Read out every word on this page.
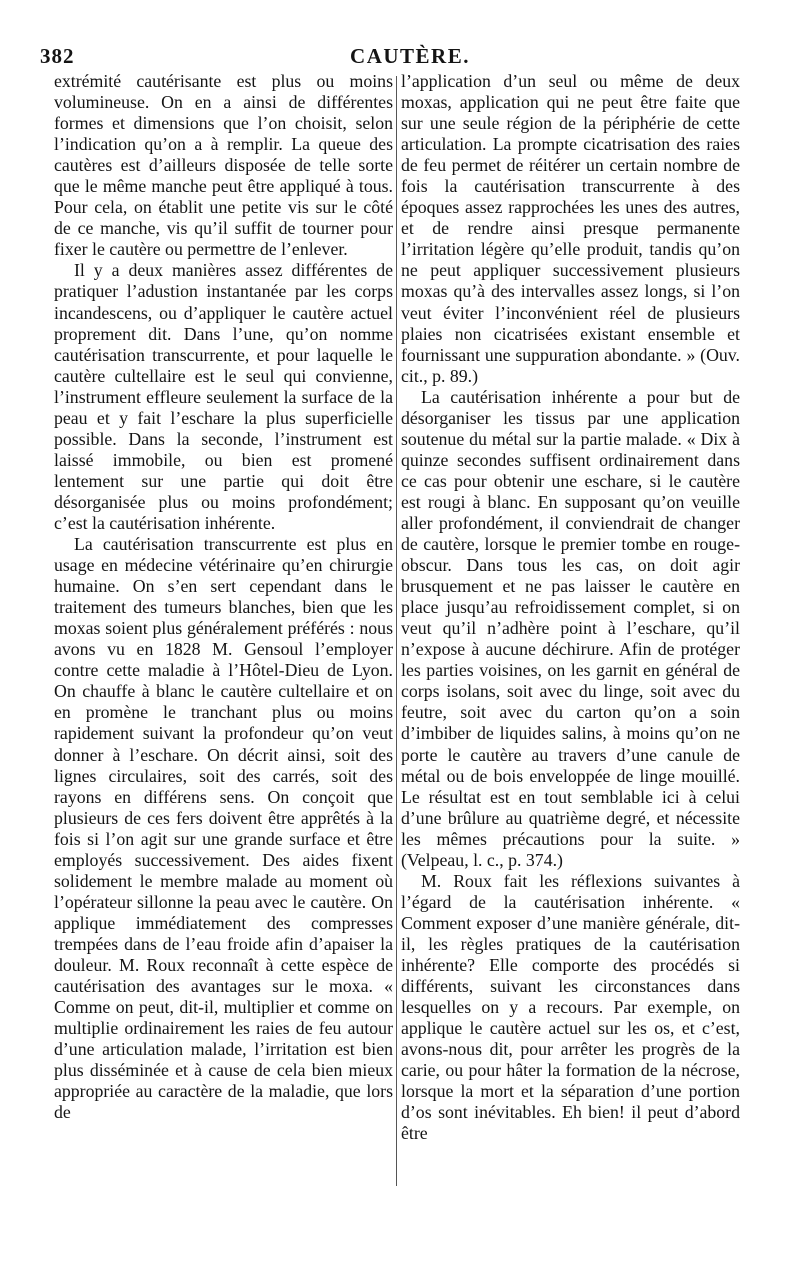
382	CAUTÈRE.

extrémité cautérisante est plus ou moins volumineuse. On en a ainsi de différentes formes et dimensions que l’on choisit, selon l’indication qu’on a à remplir. La queue des cautères est d’ailleurs disposée de telle sorte que le même manche peut être appliqué à tous. Pour cela, on établit une petite vis sur le côté de ce manche, vis qu’il suffit de tourner pour fixer le cautère ou permettre de l’enlever.

Il y a deux manières assez différentes de pratiquer l’adustion instantanée par les corps incandescens, ou d’appliquer le cautère actuel proprement dit. Dans l’une, qu’on nomme cautérisation transcurrente, et pour laquelle le cautère cultellaire est le seul qui convienne, l’instrument effleure seulement la surface de la peau et y fait l’eschare la plus superficielle possible. Dans la seconde, l’instrument est laissé immobile, ou bien est promené lentement sur une partie qui doit être désorganisée plus ou moins profondément; c’est la cautérisation inhérente.

La cautérisation transcurrente est plus en usage en médecine vétérinaire qu’en chirurgie humaine. On s’en sert cependant dans le traitement des tumeurs blanches, bien que les moxas soient plus généralement préférés : nous avons vu en 1828 M. Gensoul l’employer contre cette maladie à l’Hôtel-Dieu de Lyon. On chauffe à blanc le cautère cultellaire et on en promène le tranchant plus ou moins rapidement suivant la profondeur qu’on veut donner à l’eschare. On décrit ainsi, soit des lignes circulaires, soit des carrés, soit des rayons en différens sens. On conçoit que plusieurs de ces fers doivent être apprêtés à la fois si l’on agit sur une grande surface et être employés successivement. Des aides fixent solidement le membre malade au moment où l’opérateur sillonne la peau avec le cautère. On applique immédiatement des compresses trempées dans de l’eau froide afin d’apaiser la douleur. M. Roux reconnaît à cette espèce de cautérisation des avantages sur le moxa. « Comme on peut, dit-il, multiplier et comme on multiplie ordinairement les raies de feu autour d’une articulation malade, l’irritation est bien plus disséminée et à cause de cela bien mieux appropriée au caractère de la maladie, que lors de

l’application d’un seul ou même de deux moxas, application qui ne peut être faite que sur une seule région de la périphérie de cette articulation. La prompte cicatrisation des raies de feu permet de réitérer un certain nombre de fois la cautérisation transcurrente à des époques assez rapprochées les unes des autres, et de rendre ainsi presque permanente l’irritation légère qu’elle produit, tandis qu’on ne peut appliquer successivement plusieurs moxas qu’à des intervalles assez longs, si l’on veut éviter l’inconvénient réel de plusieurs plaies non cicatrisées existant ensemble et fournissant une suppuration abondante. » (Ouv. cit., p. 89.)

La cautérisation inhérente a pour but de désorganiser les tissus par une application soutenue du métal sur la partie malade. « Dix à quinze secondes suffisent ordinairement dans ce cas pour obtenir une eschare, si le cautère est rougi à blanc. En supposant qu’on veuille aller profondément, il conviendrait de changer de cautère, lorsque le premier tombe en rouge-obscur. Dans tous les cas, on doit agir brusquement et ne pas laisser le cautère en place jusqu’au refroidissement complet, si on veut qu’il n’adhère point à l’eschare, qu’il n’expose à aucune déchirure. Afin de protéger les parties voisines, on les garnit en général de corps isolans, soit avec du linge, soit avec du feutre, soit avec du carton qu’on a soin d’imbiber de liquides salins, à moins qu’on ne porte le cautère au travers d’une canule de métal ou de bois enveloppée de linge mouillé. Le résultat est en tout semblable ici à celui d’une brûlure au quatrième degré, et nécessite les mêmes précautions pour la suite. » (Velpeau, l. c., p. 374.)

M. Roux fait les réflexions suivantes à l’égard de la cautérisation inhérente. « Comment exposer d’une manière générale, dit-il, les règles pratiques de la cautérisation inhérente? Elle comporte des procédés si différents, suivant les circonstances dans lesquelles on y a recours. Par exemple, on applique le cautère actuel sur les os, et c’est, avons-nous dit, pour arrêter les progrès de la carie, ou pour hâter la formation de la nécrose, lorsque la mort et la séparation d’une portion d’os sont inévitables. Eh bien! il peut d’abord être
